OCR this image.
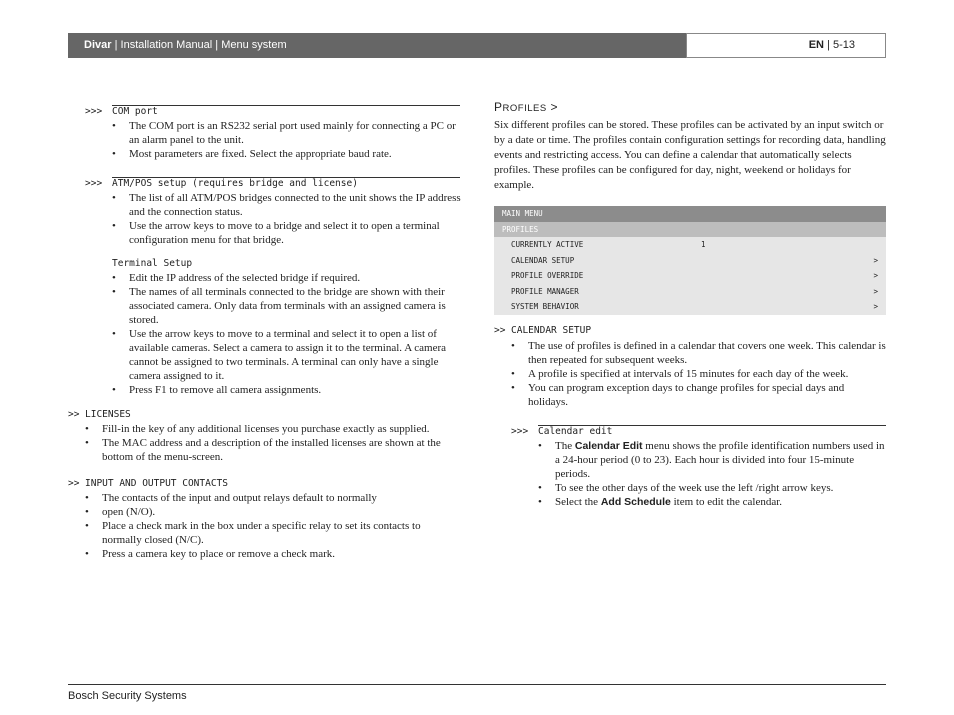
Divar | Installation Manual | Menu system	EN | 5-13
>>> COM port
• The COM port is an RS232 serial port used mainly for connecting a PC or an alarm panel to the unit.
• Most parameters are fixed. Select the appropriate baud rate.
>>> ATM/POS setup (requires bridge and license)
• The list of all ATM/POS bridges connected to the unit shows the IP address and the connection status.
• Use the arrow keys to move to a bridge and select it to open a terminal configuration menu for that bridge.
Terminal Setup
• Edit the IP address of the selected bridge if required.
• The names of all terminals connected to the bridge are shown with their associated camera. Only data from terminals with an assigned camera is stored.
• Use the arrow keys to move to a terminal and select it to open a list of available cameras. Select a camera to assign it to the terminal. A camera cannot be assigned to two terminals. A terminal can only have a single camera assigned to it.
• Press F1 to remove all camera assignments.
>> LICENSES
• Fill-in the key of any additional licenses you purchase exactly as supplied.
• The MAC address and a description of the installed licenses are shown at the bottom of the menu-screen.
>> INPUT AND OUTPUT CONTACTS
• The contacts of the input and output relays default to normally
• open (N/O).
• Place a check mark in the box under a specific relay to set its contacts to normally closed (N/C).
• Press a camera key to place or remove a check mark.
PROFILES >
Six different profiles can be stored. These profiles can be activated by an input switch or by a date or time. The profiles contain configuration settings for recording data, handling events and restricting access. You can define a calendar that automatically selects profiles. These profiles can be configured for day, night, weekend or holidays for example.
MAIN MENU
PROFILES
CURRENTLY ACTIVE	1
CALENDAR SETUP	>
PROFILE OVERRIDE	>
PROFILE MANAGER	>
SYSTEM BEHAVIOR	>
>> CALENDAR SETUP
• The use of profiles is defined in a calendar that covers one week. This calendar is then repeated for subsequent weeks.
• A profile is specified at intervals of 15 minutes for each day of the week.
• You can program exception days to change profiles for special days and holidays.
>>> Calendar edit
• The Calendar Edit menu shows the profile identification numbers used in a 24-hour period (0 to 23). Each hour is divided into four 15-minute periods.
• To see the other days of the week use the left /right arrow keys.
• Select the Add Schedule item to edit the calendar.
Bosch Security Systems
